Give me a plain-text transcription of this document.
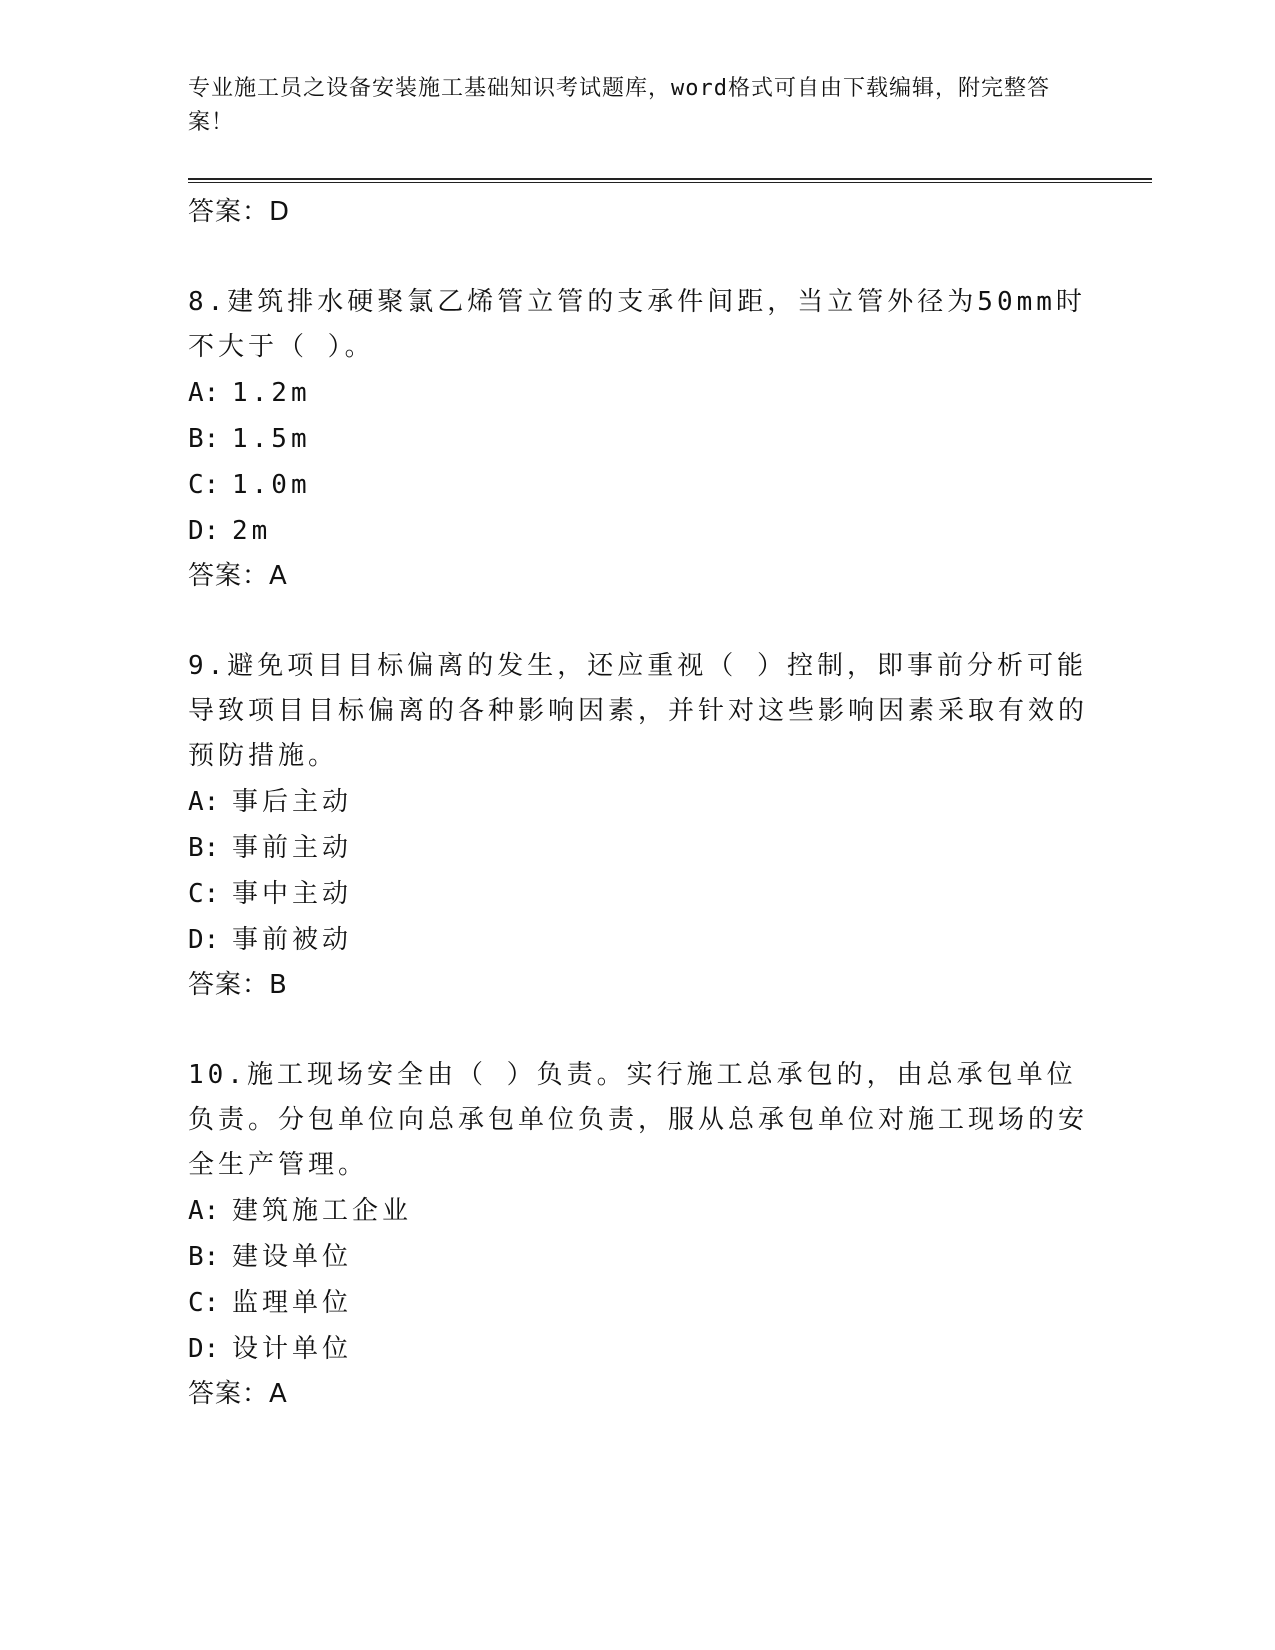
专业施工员之设备安装施工基础知识考试题库，word格式可自由下载编辑，附完整答案！
答案：D
8.建筑排水硬聚氯乙烯管立管的支承件间距，当立管外径为50mm时不大于（ ）。
A: 1.2m
B: 1.5m
C: 1.0m
D: 2m
答案：A
9.避免项目目标偏离的发生，还应重视（ ）控制，即事前分析可能导致项目目标偏离的各种影响因素，并针对这些影响因素采取有效的预防措施。
A: 事后主动
B: 事前主动
C: 事中主动
D: 事前被动
答案：B
10.施工现场安全由（ ）负责。实行施工总承包的，由总承包单位负责。分包单位向总承包单位负责，服从总承包单位对施工现场的安全生产管理。
A: 建筑施工企业
B: 建设单位
C: 监理单位
D: 设计单位
答案：A
